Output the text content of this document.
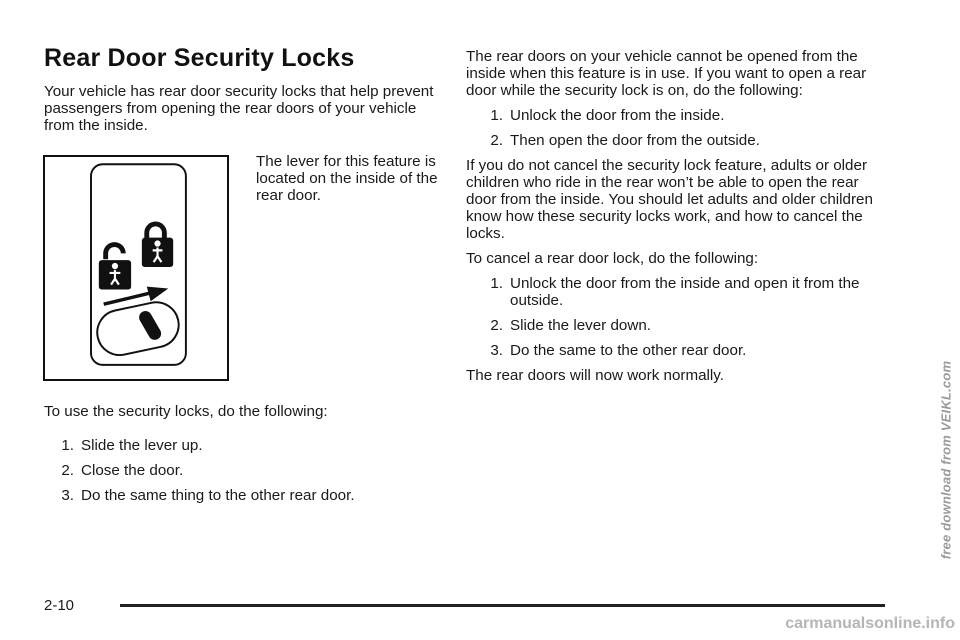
Rear Door Security Locks
Your vehicle has rear door security locks that help prevent passengers from opening the rear doors of your vehicle from the inside.
The lever for this feature is located on the inside of the rear door.
To use the security locks, do the following:
1. Slide the lever up.
2. Close the door.
3. Do the same thing to the other rear door.

The rear doors on your vehicle cannot be opened from the inside when this feature is in use. If you want to open a rear door while the security lock is on, do the following:

1. Unlock the door from the inside.
2. Then open the door from the outside.

If you do not cancel the security lock feature, adults or older children who ride in the rear won’t be able to open the rear door from the inside. You should let adults and older children know how these security locks work, and how to cancel the locks.

To cancel a rear door lock, do the following:

1. Unlock the door from the inside and open it from the outside.
2. Slide the lever down.
3. Do the same to the other rear door.

The rear doors will now work normally.

2-10
free download from VEIKL.com
carmanualsonline.info
